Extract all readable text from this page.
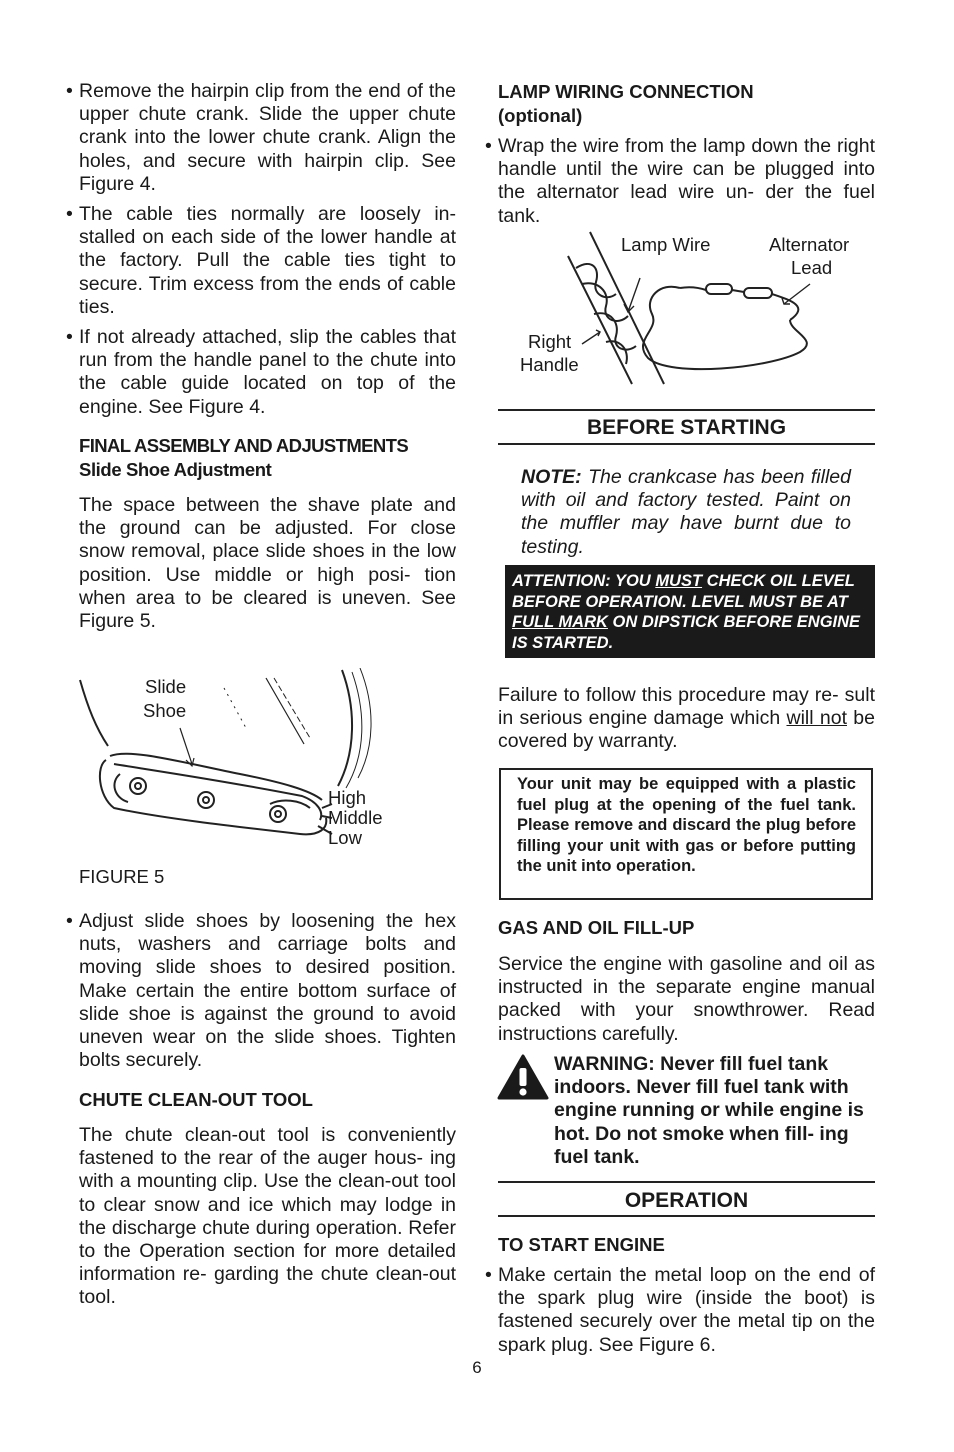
• Remove the hairpin clip from the end of the upper chute crank. Slide the upper chute crank into the lower chute crank. Align the holes, and secure with hairpin clip. See Figure 4.
• The cable ties normally are loosely in- stalled on each side of the lower handle at the factory. Pull the cable ties tight to secure. Trim excess from the ends of cable ties.
• If not already attached, slip the cables that run from the handle panel to the chute into the cable guide located on top of the engine. See Figure 4.
FINAL ASSEMBLY AND ADJUSTMENTS
Slide Shoe Adjustment
The space between the shave plate and the ground can be adjusted. For close snow removal, place slide shoes in the low position. Use middle or high posi- tion when area to be cleared is uneven. See Figure 5.
Slide
Shoe
High
Middle
Low
FIGURE 5
• Adjust slide shoes by loosening the hex nuts, washers and carriage bolts and moving slide shoes to desired position. Make certain the entire bottom surface of slide shoe is against the ground to avoid uneven wear on the slide shoes. Tighten bolts securely.
CHUTE CLEAN-OUT TOOL
The chute clean-out tool is conveniently fastened to the rear of the auger hous- ing with a mounting clip. Use the clean-out tool to clear snow and ice which may lodge in the discharge chute during operation. Refer to the Operation section for more detailed information re- garding the chute clean-out tool.
LAMP WIRING CONNECTION
(optional)
• Wrap the wire from the lamp down the right handle until the wire can be plugged into the alternator lead wire un- der the fuel tank.
Lamp Wire	Alternator
Lead
Right
Handle
BEFORE STARTING
NOTE: The crankcase has been filled with oil and factory tested. Paint on the muffler may have burnt due to testing.
ATTENTION: YOU MUST CHECK OIL LEVEL BEFORE OPERATION. LEVEL MUST BE AT FULL MARK ON DIPSTICK BEFORE ENGINE IS STARTED.
Failure to follow this procedure may re- sult in serious engine damage which will not be covered by warranty.
Your unit may be equipped with a plastic fuel plug at the opening of the fuel tank. Please remove and discard the plug before filling your unit with gas or before putting the unit into operation.
GAS AND OIL FILL-UP
Service the engine with gasoline and oil as instructed in the separate engine manual packed with your snowthrower. Read instructions carefully.
WARNING: Never fill fuel tank indoors. Never fill fuel tank with engine running or while engine is hot. Do not smoke when fill- ing fuel tank.
OPERATION
TO START ENGINE
• Make certain the metal loop on the end of the spark plug wire (inside the boot) is fastened securely over the metal tip on the spark plug. See Figure 6.
6
